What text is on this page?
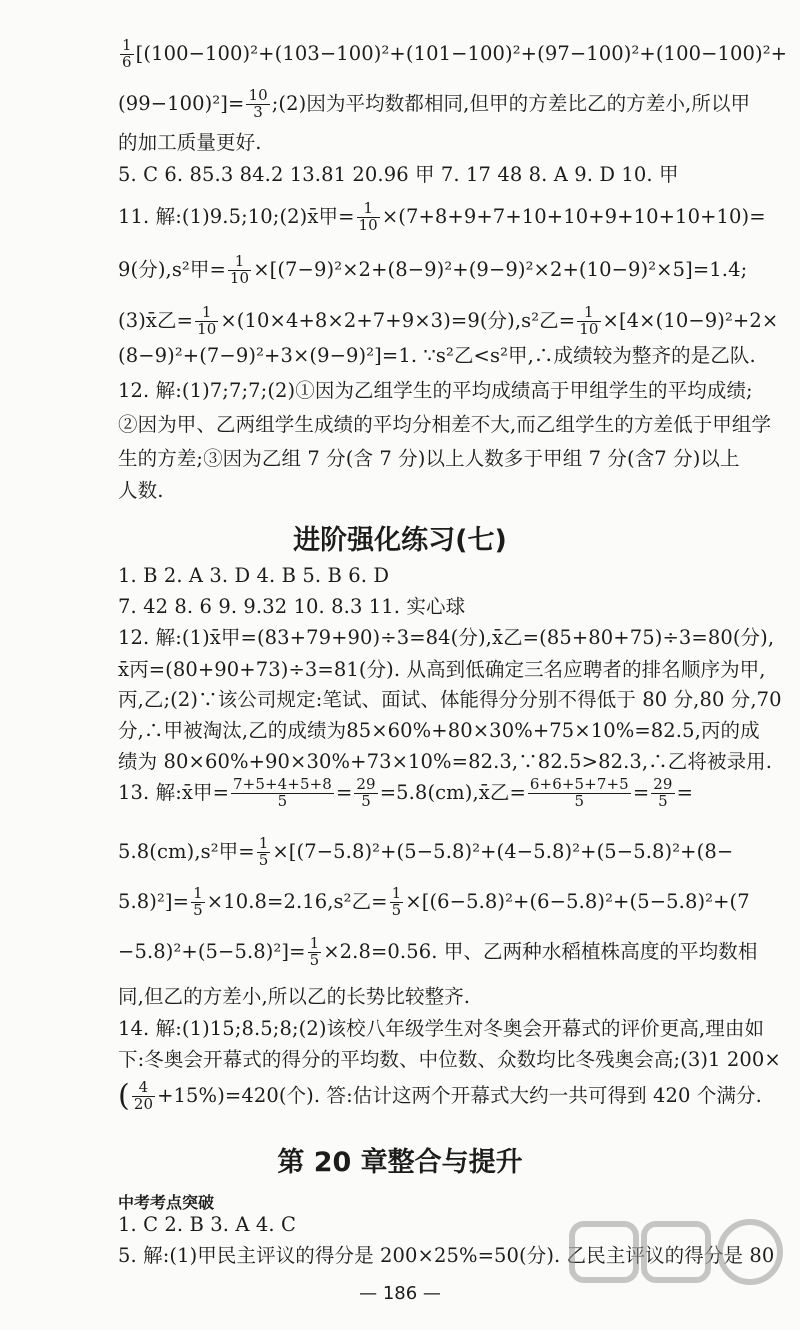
$\frac{1}{6} [(100-100)^2+(103-100)^2+(101-100)^2+(97-100)^2+(100-100)^2+$
$(99-100)^2]= \frac{10}{3}$ ;(2)因为平均数都相同,但甲的方差比乙的方差小,所以甲
的加工质量更好.
5. C 6. 85.3 84.2 13.81 20.96 甲 7. 17 48 8. A 9. D 10. 甲
11. 解:(1)9.5;10;(2)x̄甲= $\frac{1}{10} \times(7+8+9+7+10+10+9+10+10+10)=$
9(分),s²甲= $\frac{1}{10} \times[(7-9)^2\times 2+(8-9)^2+(9-9)^2\times 2+(10-9)^2\times 5]=1.4$;
(3)x̄乙= $\frac{1}{10} \times(10\times 4+8\times 2+7+9\times 3)=9$(分),s²乙= $\frac{1}{10} \times[4\times(10-9)^2+2\times$
(8−9)²+(7−9)²+3×(9−9)²]=1. ∵s²乙<s²甲,∴成绩较为整齐的是乙队.
12. 解:(1)7;7;7;(2)①因为乙组学生的平均成绩高于甲组学生的平均成绩;
②因为甲、乙两组学生成绩的平均分相差不大,而乙组学生的方差低于甲组学
生的方差;③因为乙组 7 分(含 7 分)以上人数多于甲组 7 分(含7 分)以上
人数.
进阶强化练习(七)
1. B 2. A 3. D 4. B 5. B 6. D
7. 42 8. 6 9. 9.32 10. 8.3 11. 实心球
12. 解:(1)x̄甲=(83+79+90)÷3=84(分),x̄乙=(85+80+75)÷3=80(分),
x̄丙=(80+90+73)÷3=81(分). 从高到低确定三名应聘者的排名顺序为甲,
丙,乙;(2)∵该公司规定:笔试、面试、体能得分分别不得低于 80 分,80 分,70
分,∴甲被淘汰,乙的成绩为85×60%+80×30%+75×10%=82.5,丙的成
绩为 80×60%+90×30%+73×10%=82.3,∵82.5>82.3,∴乙将被录用.
13. 解:x̄甲= $\frac{7+5+4+5+8}{5} = \frac{29}{5}$ =5.8(cm),x̄乙= $\frac{6+6+5+7+5}{5} = \frac{29}{5}$ =
5.8(cm),s²甲= $\frac{1}{5} \times[(7-5.8)^2+(5-5.8)^2+(4-5.8)^2+(5-5.8)^2+(8-$
$5.8)^2]= \frac{1}{5} \times 10.8=2.16,s^2$乙= $\frac{1}{5} \times[(6-5.8)^2+(6-5.8)^2+(5-5.8)^2+(7$
$-5.8)^2+(5-5.8)^2]= \frac{1}{5} \times 2.8=0.56$. 甲、乙两种水稻植株高度的平均数相
同,但乙的方差小,所以乙的长势比较整齐.
14. 解:(1)15;8.5;8;(2)该校八年级学生对冬奥会开幕式的评价更高,理由如
下:冬奥会开幕式的得分的平均数、中位数、众数均比冬残奥会高;(3)1 200×
( $\frac{4}{20} +15\%)=420$(个). 答:估计这两个开幕式大约一共可得到 420 个满分.
第 20 章整合与提升
中考考点突破
1. C 2. B 3. A 4. C
5. 解:(1)甲民主评议的得分是 200×25%=50(分). 乙民主评议的得分是 80
— 186 —
